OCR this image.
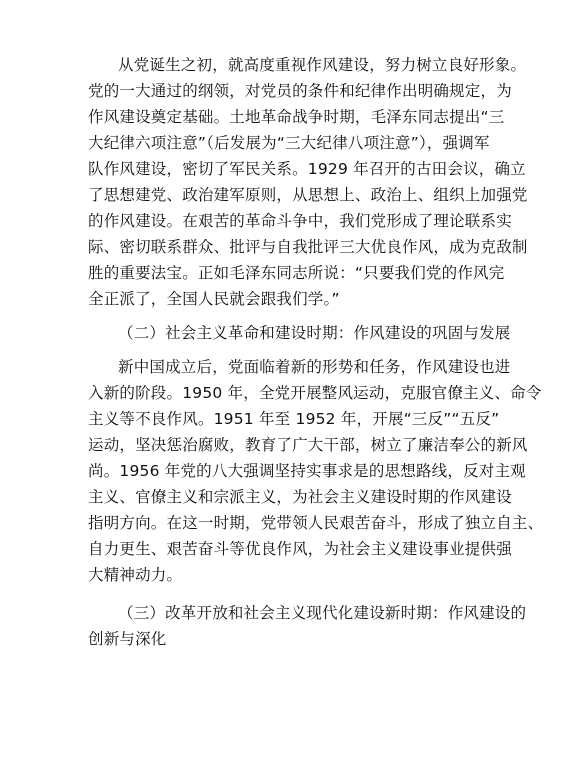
从党诞生之初，就高度重视作风建设，努力树立良好形象。
党的一大通过的纲领，对党员的条件和纪律作出明确规定，为
作风建设奠定基础。土地革命战争时期，毛泽东同志提出“三
大纪律六项注意”（后发展为“三大纪律八项注意”），强调军
队作风建设，密切了军民关系。1929 年召开的古田会议，确立
了思想建党、政治建军原则，从思想上、政治上、组织上加强党
的作风建设。在艰苦的革命斗争中，我们党形成了理论联系实
际、密切联系群众、批评与自我批评三大优良作风，成为克敌制
胜的重要法宝。正如毛泽东同志所说：“只要我们党的作风完
全正派了，全国人民就会跟我们学。”
（二）社会主义革命和建设时期：作风建设的巩固与发展
新中国成立后，党面临着新的形势和任务，作风建设也进
入新的阶段。1950 年，全党开展整风运动，克服官僚主义、命令
主义等不良作风。1951 年至 1952 年，开展“三反”“五反”
运动，坚决惩治腐败，教育了广大干部，树立了廉洁奉公的新风
尚。1956 年党的八大强调坚持实事求是的思想路线，反对主观
主义、官僚主义和宗派主义，为社会主义建设时期的作风建设
指明方向。在这一时期，党带领人民艰苦奋斗，形成了独立自主、
自力更生、艰苦奋斗等优良作风，为社会主义建设事业提供强
大精神动力。
（三）改革开放和社会主义现代化建设新时期：作风建设的
创新与深化
